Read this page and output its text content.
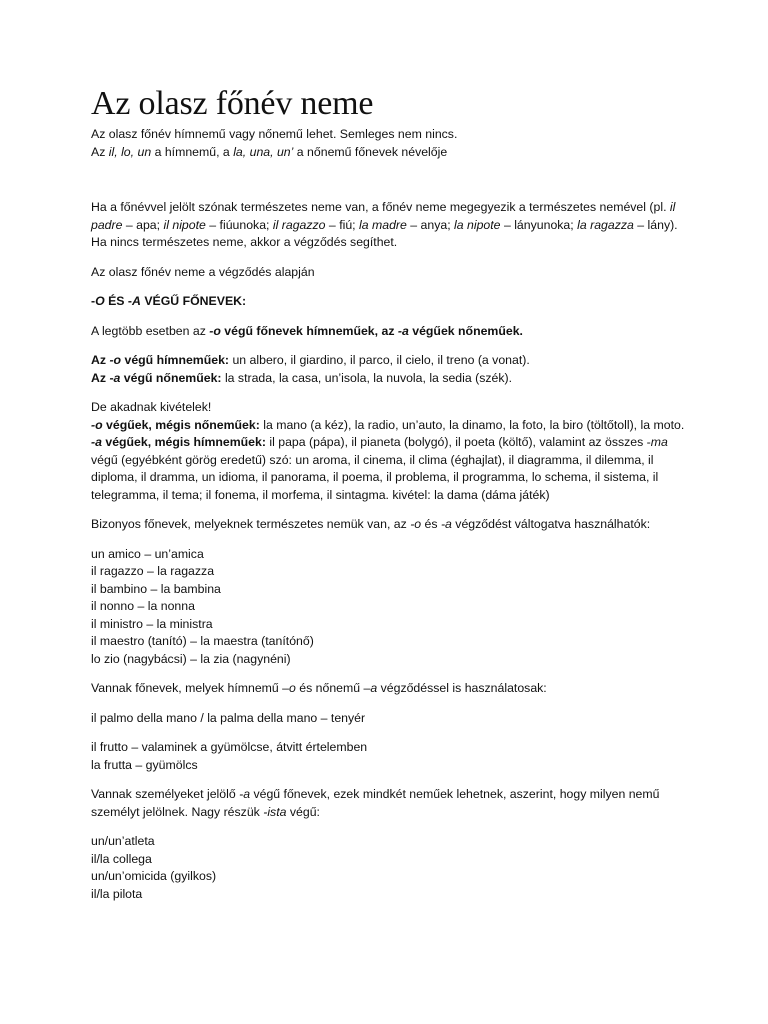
Az olasz főnév neme

Az olasz főnév hímnemű vagy nőnemű lehet. Semleges nem nincs.

Az il, lo, un a hímnemű, a la, una, un’ a nőnemű főnevek névelője

Ha a főnévvel jelölt szónak természetes neme van, a főnév neme megegyezik a természetes nemével (pl. il padre – apa; il nipote – fiúunoka; il ragazzo – fiú; la madre – anya; la nipote – lányunoka; la ragazza – lány). Ha nincs természetes neme, akkor a végződés segíthet.

Az olasz főnév neme a végződés alapján

-O ÉS -A VÉGŰ FŐNEVEK:

A legtöbb esetben az -o végű főnevek hímneműek, az -a végűek nőneműek.

Az -o végű hímneműek: un albero, il giardino, il parco, il cielo, il treno (a vonat).
Az -a végű nőneműek: la strada, la casa, un’isola, la nuvola, la sedia (szék).

De akadnak kivételek!
-o végűek, mégis nőneműek: la mano (a kéz), la radio, un’auto, la dinamo, la foto, la biro (töltőtoll), la moto.
-a végűek, mégis hímneműek: il papa (pápa), il pianeta (bolygó), il poeta (költő), valamint az összes -ma végű (egyébként görög eredetű) szó: un aroma, il cinema, il clima (éghajlat), il diagramma, il dilemma, il diploma, il dramma, un idioma, il panorama, il poema, il problema, il programma, lo schema, il sistema, il telegramma, il tema; il fonema, il morfema, il sintagma. kivétel: la dama (dáma játék)

Bizonyos főnevek, melyeknek természetes nemük van, az -o és -a végződést váltogatva használhatók:

un amico – un’amica
il ragazzo – la ragazza
il bambino – la bambina
il nonno – la nonna
il ministro – la ministra
il maestro (tanító) – la maestra (tanítónő)
lo zio (nagybácsi) – la zia (nagynéni)

Vannak főnevek, melyek hímnemű –o és nőnemű –a végződéssel is használatosak:

il palmo della mano / la palma della mano – tenyér

il frutto – valaminek a gyümölcse, átvitt értelemben
la frutta – gyümölcs

Vannak személyeket jelölő -a végű főnevek, ezek mindkét neműek lehetnek, aszerint, hogy milyen nemű személyt jelölnek. Nagy részük -ista végű:

un/un’atleta
il/la collega
un/un’omicida (gyilkos)
il/la pilota
